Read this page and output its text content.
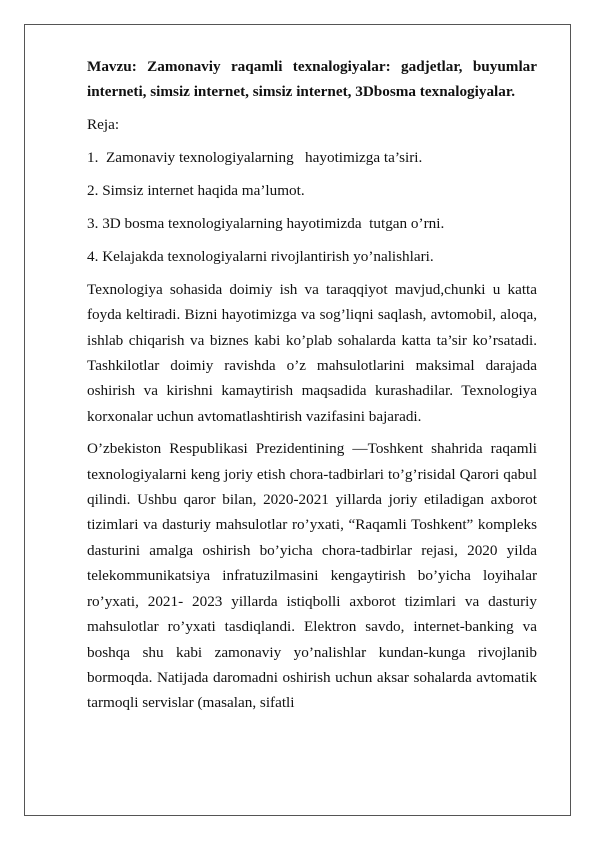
Mavzu: Zamonaviy raqamli texnalogiyalar: gadjetlar, buyumlar interneti, simsiz internet, simsiz internet, 3Dbosma texnalogiyalar.

Reja:

1.  Zamonaviy texnologiyalarning   hayotimizga ta’siri.

2. Simsiz internet haqida ma’lumot.

3. 3D bosma texnologiyalarning hayotimizda  tutgan o’rni.

4. Kelajakda texnologiyalarni rivojlantirish yo’nalishlari.

Texnologiya sohasida doimiy ish va taraqqiyot mavjud,chunki u katta foyda keltiradi. Bizni hayotimizga va sog’liqni saqlash, avtomobil, aloqa, ishlab chiqarish va biznes kabi ko’plab sohalarda katta ta’sir ko’rsatadi. Tashkilotlar doimiy ravishda o’z mahsulotlarini maksimal darajada oshirish va kirishni kamaytirish maqsadida kurashadilar. Texnologiya korxonalar uchun avtomatlashtirish vazifasini bajaradi.

O’zbekiston Respublikasi Prezidentining —Toshkent shahrida raqamli texnologiyalarni keng joriy etish chora-tadbirlari to’g’risidal Qarori qabul qilindi. Ushbu qaror bilan, 2020-2021 yillarda joriy etiladigan axborot tizimlari va dasturiy mahsulotlar ro’yxati, “Raqamli Toshkent” kompleks dasturini amalga oshirish bo’yicha chora-tadbirlar rejasi, 2020 yilda telekommunikatsiya infratuzilmasini kengaytirish bo’yicha loyihalar ro’yxati, 2021- 2023 yillarda istiqbolli axborot tizimlari va dasturiy mahsulotlar ro’yxati tasdiqlandi. Elektron savdo, internet-banking va boshqa shu kabi zamonaviy yo’nalishlar kundan-kunga rivojlanib bormoqda. Natijada daromadni oshirish uchun aksar sohalarda avtomatik tarmoqli servislar (masalan, sifatli
